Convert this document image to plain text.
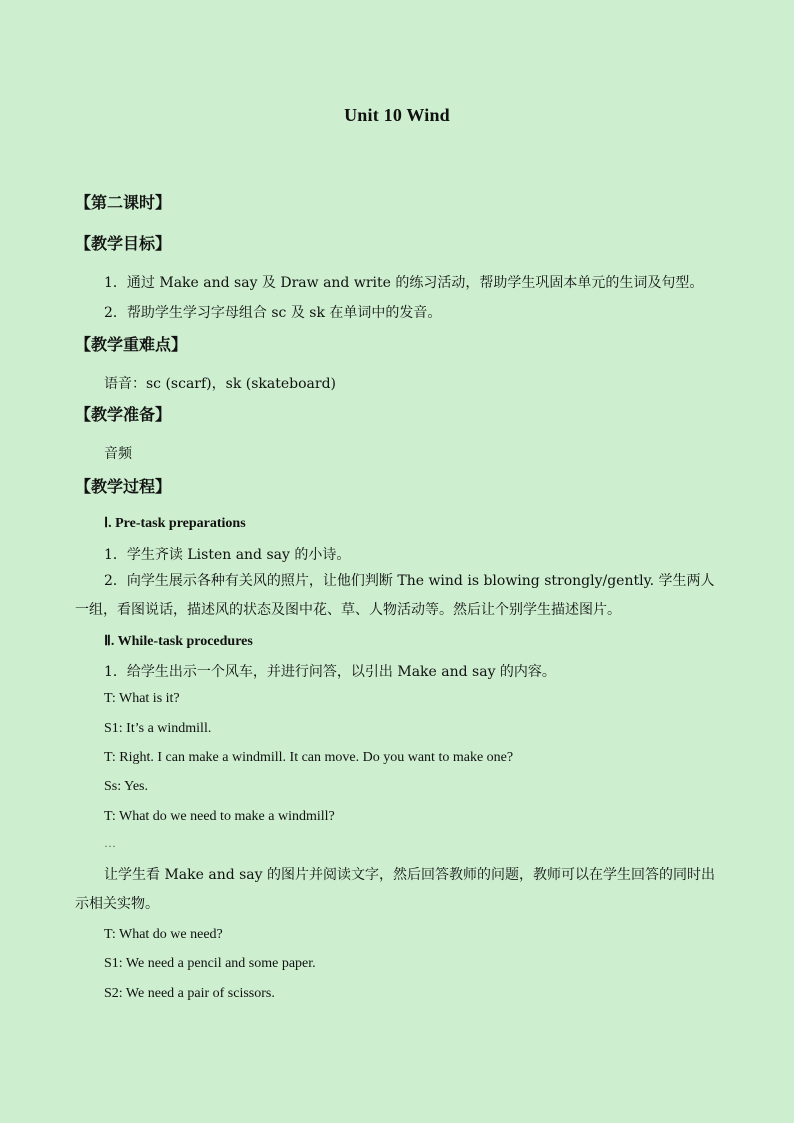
Unit 10 Wind
【第二课时】
【教学目标】
1．通过 Make and say 及 Draw and write 的练习活动，帮助学生巩固本单元的生词及句型。
2．帮助学生学习字母组合 sc 及 sk 在单词中的发音。
【教学重难点】
语音：sc (scarf)，sk (skateboard)
【教学准备】
音频
【教学过程】
Ⅰ. Pre-task preparations
1．学生齐读 Listen and say 的小诗。
2．向学生展示各种有关风的照片，让他们判断 The wind is blowing strongly/gently. 学生两人一组，看图说话，描述风的状态及图中花、草、人物活动等。然后让个别学生描述图片。
Ⅱ. While-task procedures
1．给学生出示一个风车，并进行问答，以引出 Make and say 的内容。
T: What is it?
S1: It’s a windmill.
T: Right. I can make a windmill. It can move. Do you want to make one?
Ss: Yes.
T: What do we need to make a windmill?
…
让学生看 Make and say 的图片并阅读文字，然后回答教师的问题，教师可以在学生回答的同时出示相关实物。
T: What do we need?
S1: We need a pencil and some paper.
S2: We need a pair of scissors.
